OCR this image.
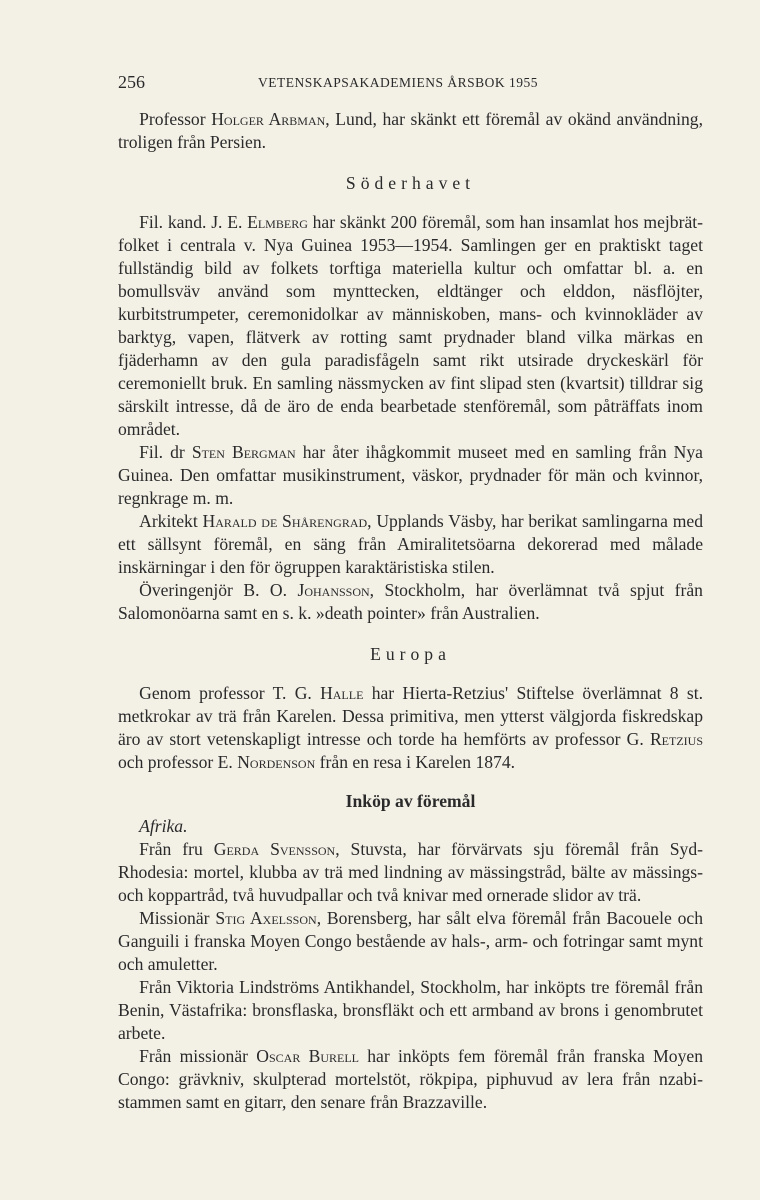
256	VETENSKAPSAKADEMIENS ÅRSBOK 1955

Professor Holger Arbman, Lund, har skänkt ett föremål av okänd användning, troligen från Persien.

Söderhavet

Fil. kand. J. E. Elmberg har skänkt 200 föremål, som han insamlat hos mejbrät-folket i centrala v. Nya Guinea 1953—1954. Samlingen ger en praktiskt taget fullständig bild av folkets torftiga materiella kultur och omfattar bl. a. en bomullsväv använd som mynttecken, eldtänger och elddon, näsflöjter, kurbitstrumpeter, ceremonidolkar av människoben, mans- och kvinnokläder av barktyg, vapen, flätverk av rotting samt prydnader bland vilka märkas en fjäderhamn av den gula paradisfågeln samt rikt utsirade dryckeskärl för ceremoniellt bruk. En samling nässmycken av fint slipad sten (kvartsit) tilldrar sig särskilt intresse, då de äro de enda bearbetade stenföremål, som påträffats inom området.

Fil. dr Sten Bergman har åter ihågkommit museet med en samling från Nya Guinea. Den omfattar musikinstrument, väskor, prydnader för män och kvinnor, regnkrage m. m.

Arkitekt Harald de Shårengrad, Upplands Väsby, har berikat samlingarna med ett sällsynt föremål, en säng från Amiralitetsöarna dekorerad med målade inskärningar i den för ögruppen karaktäristiska stilen.

Överingenjör B. O. Johansson, Stockholm, har överlämnat två spjut från Salomonöarna samt en s. k. »death pointer» från Australien.

Europa

Genom professor T. G. Halle har Hierta-Retzius' Stiftelse överlämnat 8 st. metkrokar av trä från Karelen. Dessa primitiva, men ytterst välgjorda fiskredskap äro av stort vetenskapligt intresse och torde ha hemförts av professor G. Retzius och professor E. Nordenson från en resa i Karelen 1874.

Inköp av föremål

Afrika.

Från fru Gerda Svensson, Stuvsta, har förvärvats sju föremål från Syd-Rhodesia: mortel, klubba av trä med lindning av mässingstråd, bälte av mässings- och koppartråd, två huvudpallar och två knivar med ornerade slidor av trä.

Missionär Stig Axelsson, Borensberg, har sålt elva föremål från Bacouele och Ganguili i franska Moyen Congo bestående av hals-, arm- och fotringar samt mynt och amuletter.

Från Viktoria Lindströms Antikhandel, Stockholm, har inköpts tre föremål från Benin, Västafrika: bronsflaska, bronsfläkt och ett armband av brons i genombrutet arbete.

Från missionär Oscar Burell har inköpts fem föremål från franska Moyen Congo: grävkniv, skulpterad mortelstöt, rökpipa, piphuvud av lera från nzabi-stammen samt en gitarr, den senare från Brazzaville.
